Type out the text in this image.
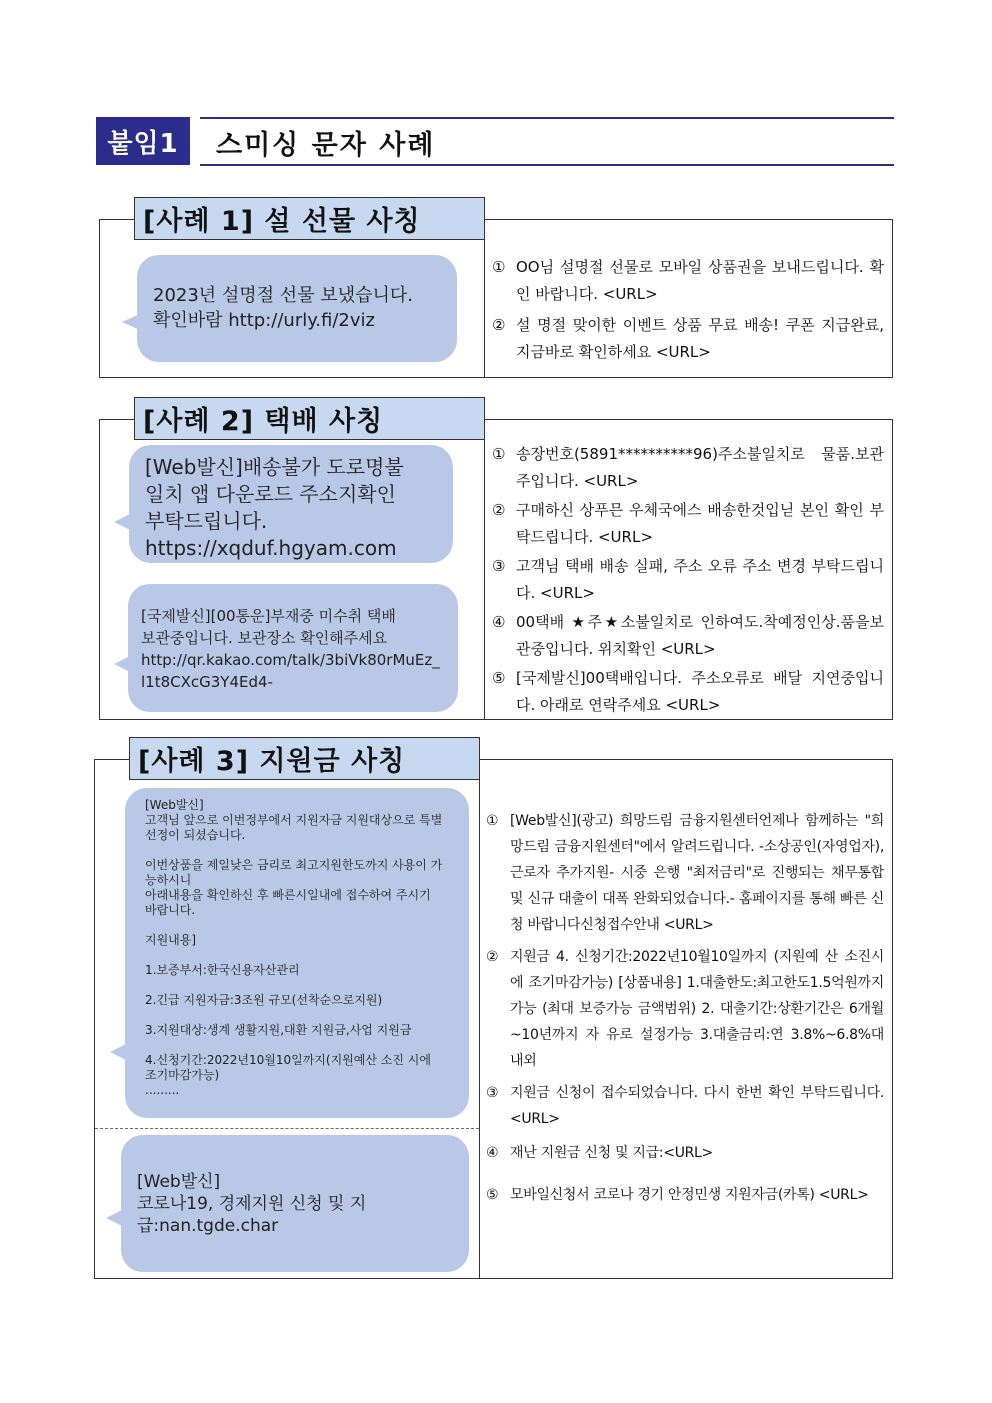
붙임1	스미싱 문자 사례
[사례 1] 설 선물 사칭
2023년 설명절 선물 보냈습니다.
확인바람 http://urly.fi/2viz
① OO님 설명절 선물로 모바일 상품권을 보내드립니다. 확인 바랍니다. <URL>
② 설 명절 맞이한 이벤트 상품 무료 배송! 쿠폰 지급완료, 지금바로 확인하세요 <URL>
[사례 2] 택배 사칭
[Web발신]배송불가 도로명불
일치 앱 다운로드 주소지확인
부탁드립니다.
https://xqduf.hgyam.com
[국제발신][00통운]부재중 미수취 택배
보관중입니다. 보관장소 확인해주세요
http://qr.kakao.com/talk/3biVk80rMuEz_
l1t8CXcG3Y4Ed4-
① 송장번호(5891**********96)주소불일치로 물품.보관주입니다. <URL>
② 구매하신 상푸믄 우체국에스 배송한것입닏 본인 확인 부탁드립니다. <URL>
③ 고객님 택배 배송 실패, 주소 오류 주소 변경 부탁드립니다. <URL>
④ 00택배 ★주★소불일치로 인하여도.착예정인상.품을보 관중입니다. 위치확인 <URL>
⑤ [국제발신]00택배입니다. 주소오류로 배달 지연중입니다. 아래로 연락주세요 <URL>
[사례 3] 지원금 사칭
[Web발신]
고객님 앞으로 이번정부에서 지원자금 지원대상으로 특별선정이 되셨습니다.

이번상품을 제일낮은 금리로 최고지원한도까지 사용이 가능하시니
아래내용을 확인하신 후 빠른시일내에 접수하여 주시기 바랍니다.

지원내용]

1.보증부서:한국신용자산관리

2.긴급 지원자금:3조원 규모(선착순으로지원)

3.지원대상:생계 생활지원,대환 지원금,사업 지원금

4.신청기간:2022년10월10일까지(지원예산 소진 시에 조기마감가능)
.........
[Web발신]
코로나19, 경제지원 신청 및 지
급:nan.tgde.char
① [Web발신](광고) 희망드림 금융지원센터언제나 함께하는 "희망드림 금융지원센터"에서 알려드립니다. -소상공인(자영업자),근로자 추가지원- 시중 은행 "최저금리"로 진행되는 채무통합 및 신규 대출이 대폭 완화되었습니다.- 홈페이지를 통해 빠른 신청 바랍니다신청접수안내 <URL>
② 지원금 4. 신청기간:2022년10월10일까지 (지원예 산 소진시에 조기마감가능) [상품내용] 1.대출한도:최고한도1.5억원까지 가능 (최대 보증가능 금액범위) 2. 대출기간:상환기간은 6개월~10년까지 자 유로 설정가능 3.대출금리:연 3.8%~6.8%대 내외
③ 지원금 신청이 접수되었습니다. 다시 한번 확인 부탁드립니다. <URL>
④ 재난 지원금 신청 및 지급:<URL>
⑤ 모바일신청서 코로나 경기 안정민생 지원자금(카톡) <URL>
